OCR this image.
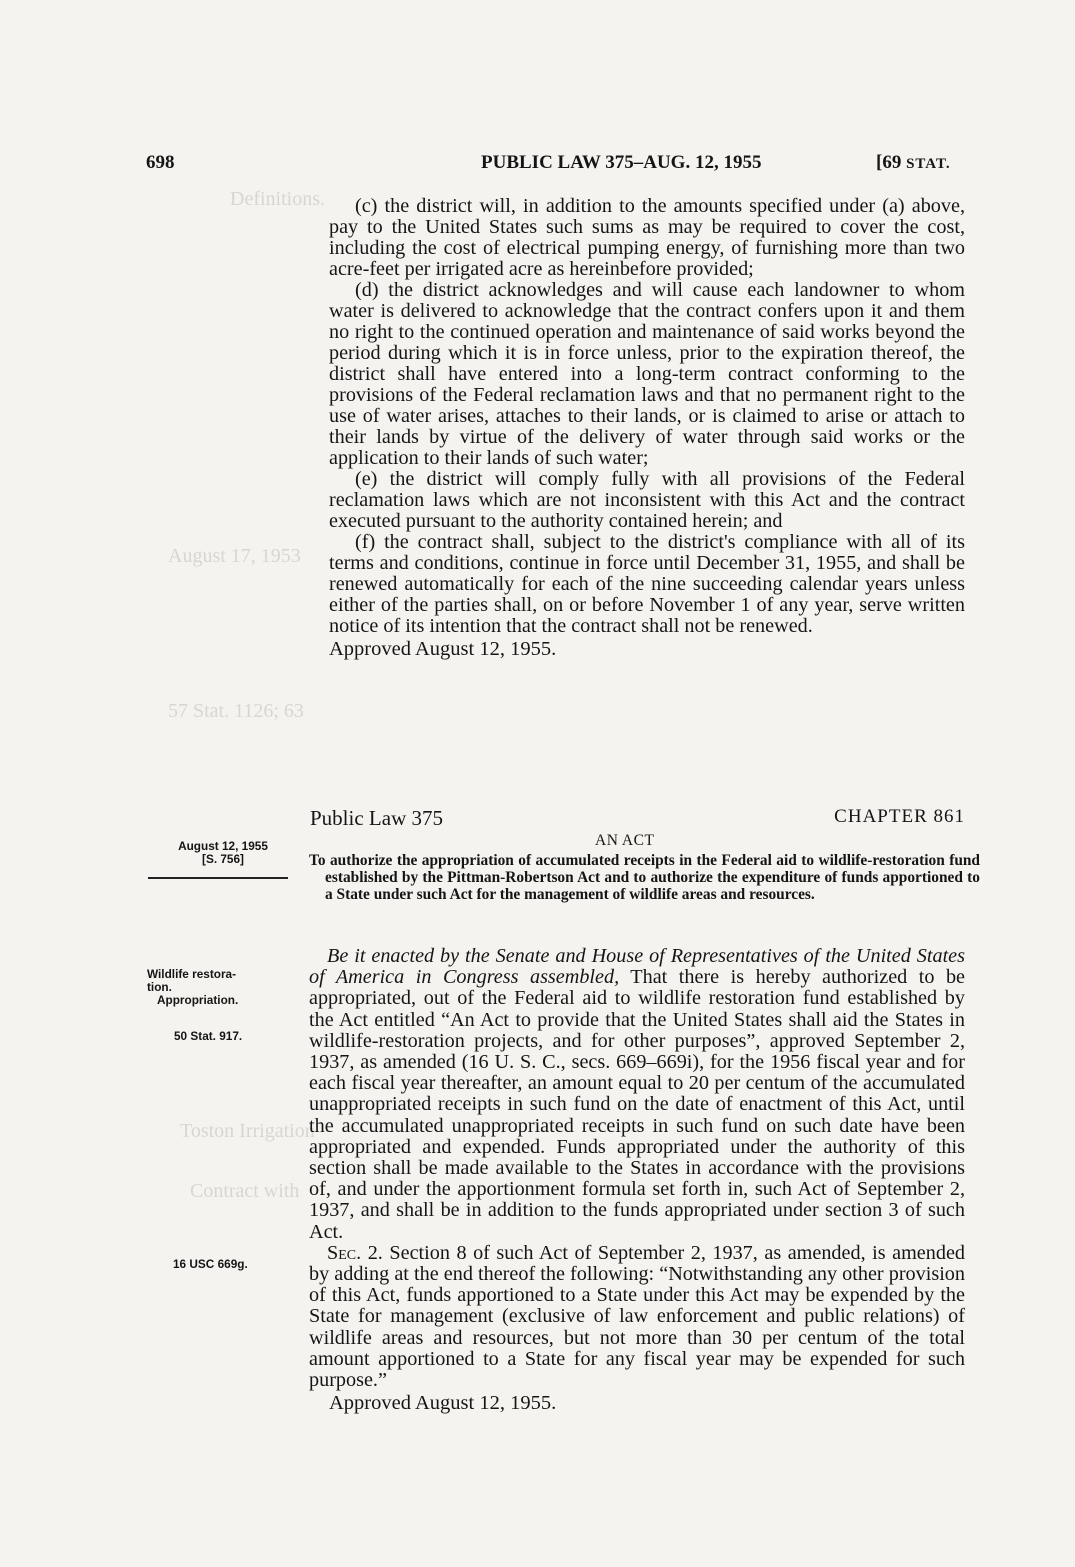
Definitions.
August 17, 1953
57 Stat. 1126; 63
Toston Irrigation
Contract with
698	PUBLIC LAW 375–AUG. 12, 1955	[69 STAT.

(c) the district will, in addition to the amounts specified under (a) above, pay to the United States such sums as may be required to cover the cost, including the cost of electrical pumping energy, of furnishing more than two acre-feet per irrigated acre as hereinbefore provided;

(d) the district acknowledges and will cause each landowner to whom water is delivered to acknowledge that the contract confers upon it and them no right to the continued operation and maintenance of said works beyond the period during which it is in force unless, prior to the expiration thereof, the district shall have entered into a long-term contract conforming to the provisions of the Federal reclamation laws and that no permanent right to the use of water arises, attaches to their lands, or is claimed to arise or attach to their lands by virtue of the delivery of water through said works or the application to their lands of such water;

(e) the district will comply fully with all provisions of the Federal reclamation laws which are not inconsistent with this Act and the contract executed pursuant to the authority contained herein; and

(f) the contract shall, subject to the district's compliance with all of its terms and conditions, continue in force until December 31, 1955, and shall be renewed automatically for each of the nine succeeding calendar years unless either of the parties shall, on or before November 1 of any year, serve written notice of its intention that the contract shall not be renewed.

Approved August 12, 1955.

Public Law 375	CHAPTER 861
AN ACT

To authorize the appropriation of accumulated receipts in the Federal aid to wildlife-restoration fund established by the Pittman-Robertson Act and to authorize the expenditure of funds apportioned to a State under such Act for the management of wildlife areas and resources.

August 12, 1955
[S. 756]
Wildlife restora-
tion.
Appropriation.
50 Stat. 917.
16 USC 669g.

Be it enacted by the Senate and House of Representatives of the United States of America in Congress assembled, That there is hereby authorized to be appropriated, out of the Federal aid to wildlife restoration fund established by the Act entitled “An Act to provide that the United States shall aid the States in wildlife-restoration projects, and for other purposes”, approved September 2, 1937, as amended (16 U. S. C., secs. 669–669i), for the 1956 fiscal year and for each fiscal year thereafter, an amount equal to 20 per centum of the accumulated unappropriated receipts in such fund on the date of enactment of this Act, until the accumulated unappropriated receipts in such fund on such date have been appropriated and expended. Funds appropriated under the authority of this section shall be made available to the States in accordance with the provisions of, and under the apportionment formula set forth in, such Act of September 2, 1937, and shall be in addition to the funds appropriated under section 3 of such Act.

Sec. 2. Section 8 of such Act of September 2, 1937, as amended, is amended by adding at the end thereof the following: “Notwithstanding any other provision of this Act, funds apportioned to a State under this Act may be expended by the State for management (exclusive of law enforcement and public relations) of wildlife areas and resources, but not more than 30 per centum of the total amount apportioned to a State for any fiscal year may be expended for such purpose.”

Approved August 12, 1955.
